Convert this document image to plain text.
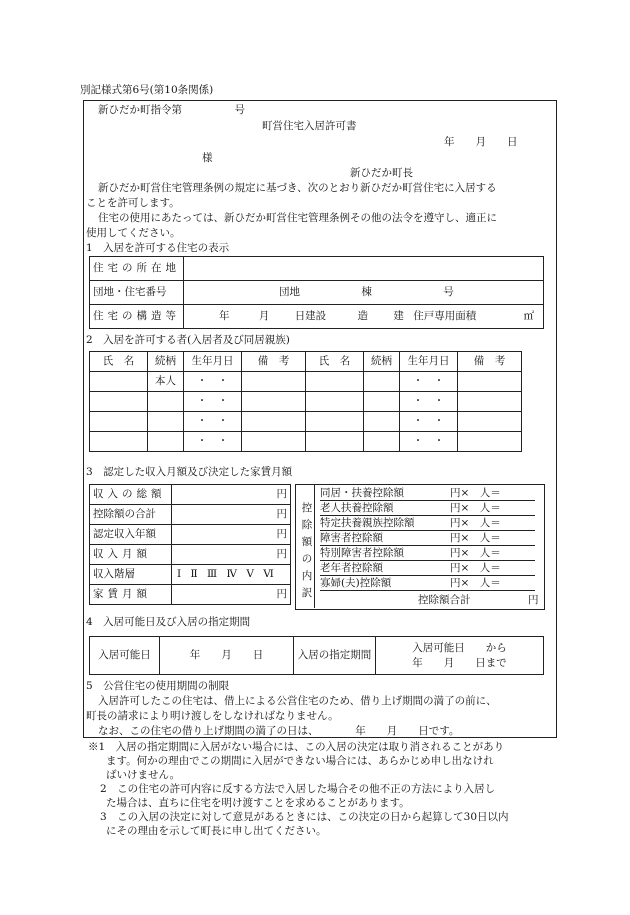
別記様式第6号(第10条関係)
新ひだか町指令第　　　　　号
町営住宅入居許可書
年　　月　　日
様
新ひだか町長
新ひだか町営住宅管理条例の規定に基づき、次のとおり新ひだか町営住宅に入居する
ことを許可します。
住宅の使用にあたっては、新ひだか町営住宅管理条例その他の法令を遵守し、適正に
使用してください。
1　入居を許可する住宅の表示
住宅の所在地	
団地・住宅番号	団地 棟 号
住宅の構造等	年 月 日建設 造 建 住戸専用面積 ㎡
2　入居を許可する者(入居者及び同居親族)
氏　名	続柄	生年月日	備　考	氏　名	続柄	生年月日	備　考
	本人	・　・				・　・	
		・　・				・　・	
		・　・				・　・	
		・　・				・　・	
3　認定した収入月額及び決定した家賃月額
収入の総額	円
控除額の合計	円
認定収入年額	円
収入月額	円
収入階層	Ⅰ Ⅱ Ⅲ Ⅳ Ⅴ Ⅵ
家賃月額	円
控除額の内訳
同居・扶養控除額	円×　人＝
老人扶養控除額	円×　人＝
特定扶養親族控除額	円×　人＝
障害者控除額	円×　人＝
特別障害者控除額	円×　人＝
老年者控除額	円×　人＝
寡婦(夫)控除額	円×　人＝
控除額合計	円
4　入居可能日及び入居の指定期間
入居可能日	年　　月　　日	入居の指定期間	
入居可能日　　から
年　　月　　日まで
5　公営住宅の使用期間の制限
入居許可したこの住宅は、借上による公営住宅のため、借り上げ期間の満了の前に、
町長の請求により明け渡しをしなければなりません。
なお、この住宅の借り上げ期間の満了の日は、　　　　年　　月　　日です。
※1　入居の指定期間に入居がない場合には、この入居の決定は取り消されることがあり
ます。何かの理由でこの期間に入居ができない場合には、あらかじめ申し出なけれ
ばいけません。
2　この住宅の許可内容に反する方法で入居した場合その他不正の方法により入居し
た場合は、直ちに住宅を明け渡すことを求めることがあります。
3　この入居の決定に対して意見があるときには、この決定の日から起算して30日以内
にその理由を示して町長に申し出てください。
